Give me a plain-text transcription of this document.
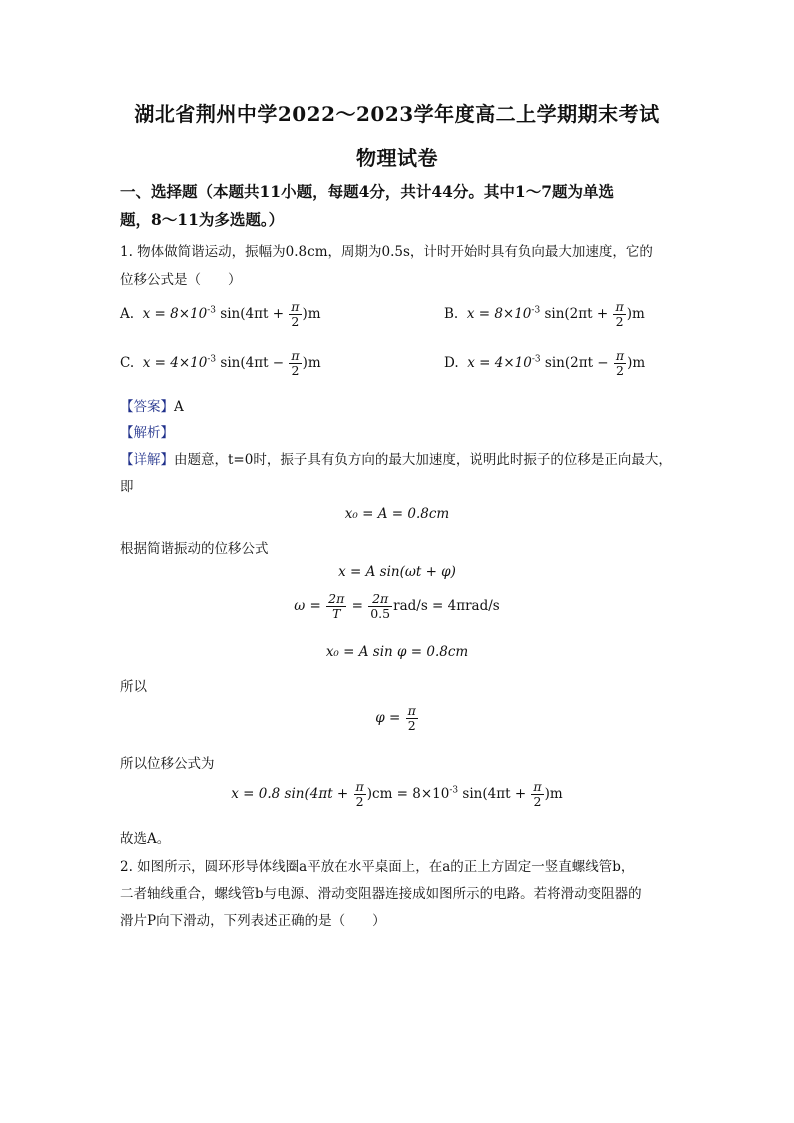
湖北省荆州中学2022～2023学年度高二上学期期末考试
物理试卷
一、选择题（本题共11小题，每题4分，共计44分。其中1～7题为单选
题，8～11为多选题。）
1. 物体做简谐运动，振幅为0.8cm，周期为0.5s，计时开始时具有负向最大加速度，它的
位移公式是（　　）
A. $x = 8\times 10^{-3}$ $\sin(4\pi t + \frac{\pi}{2} )m$	B. $x = 8\times 10^{-3}$ $\sin(2\pi t + \frac{\pi}{2} )m$
C. $x = 4\times 10^{-3}$ $\sin(4\pi t - \frac{\pi}{2} )m$	D. $x = 4\times 10^{-3}$ $\sin(2\pi t - \frac{\pi}{2} )m$
【答案】A
【解析】
【详解】由题意，t=0时，振子具有负方向的最大加速度，说明此时振子的位移是正向最大，
即
x₀ = A = 0.8cm
根据简谐振动的位移公式
x = A sin(ωt + φ)
$\omega = \frac{2\pi}{T} = \frac{2\pi}{0.5} rad/s = 4\pi rad/s$
x₀ = A sin φ = 0.8cm
所以
$\varphi = \frac{\pi}{2}$
所以位移公式为
x = 0.8 $\sin(4\pi t + \frac{\pi}{2} )cm = 8\times 10^{-3}$ $\sin(4\pi t + \frac{\pi}{2} )m$
故选A。
2. 如图所示，圆环形导体线圈a平放在水平桌面上，在a的正上方固定一竖直螺线管b，
二者轴线重合，螺线管b与电源、滑动变阻器连接成如图所示的电路。若将滑动变阻器的
滑片P向下滑动，下列表述正确的是（　　）
